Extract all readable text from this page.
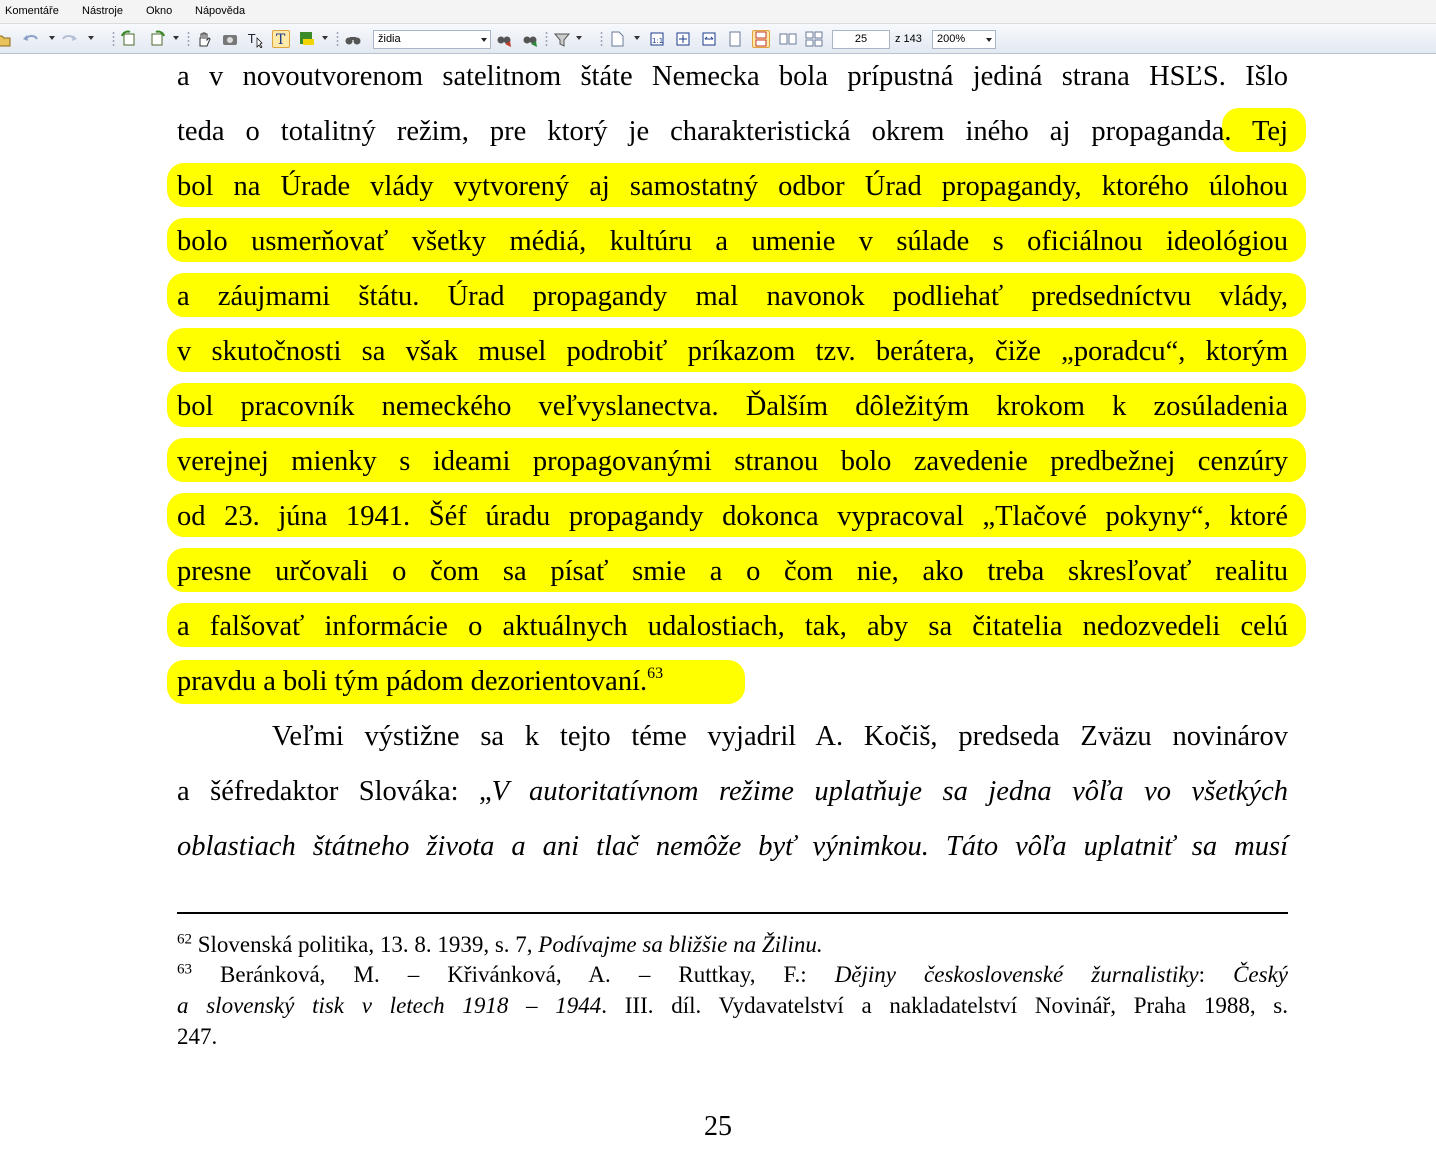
Komentáře Nástroje Okno Nápověda
T T	židia	1:1	25	z 143	200%
a v novoutvorenom satelitnom štáte Nemecka bola prípustná jediná strana HSĽS. Išlo
teda o totalitný režim, pre ktorý je charakteristická okrem iného aj propaganda. Tej
bol na Úrade vlády vytvorený aj samostatný odbor Úrad propagandy, ktorého úlohou
bolo usmerňovať všetky médiá, kultúru a umenie v súlade s oficiálnou ideológiou
a záujmami štátu. Úrad propagandy mal navonok podliehať predsedníctvu vlády,
v skutočnosti sa však musel podrobiť príkazom tzv. berátera, čiže „poradcu“, ktorým
bol pracovník nemeckého veľvyslanectva. Ďalším dôležitým krokom k zosúladenia
verejnej mienky s ideami propagovanými stranou bolo zavedenie predbežnej cenzúry
od 23. júna 1941. Šéf úradu propagandy dokonca vypracoval „Tlačové pokyny“, ktoré
presne určovali o čom sa písať smie a o čom nie, ako treba skresľovať realitu
a falšovať informácie o aktuálnych udalostiach, tak, aby sa čitatelia nedozvedeli celú
pravdu a boli tým pádom dezorientovaní.$^{63}$
Veľmi výstižne sa k tejto téme vyjadril A. Kočiš, predseda Zväzu novinárov
a šéfredaktor Slováka: „V autoritatívnom režime uplatňuje sa jedna vôľa vo všetkých
oblastiach štátneho života a ani tlač nemôže byť výnimkou. Táto vôľa uplatniť sa musí
$^{62}$ Slovenská politika, 13. 8. 1939, s. 7, Podívajme sa bližšie na Žilinu.
$^{63}$ Beránková, M. – Křivánková, A. – Ruttkay, F.: Dějiny československé žurnalistiky: Český
a slovenský tisk v letech 1918 – 1944. III. díl. Vydavatelství a nakladatelství Novinář, Praha 1988, s.
247.
25
